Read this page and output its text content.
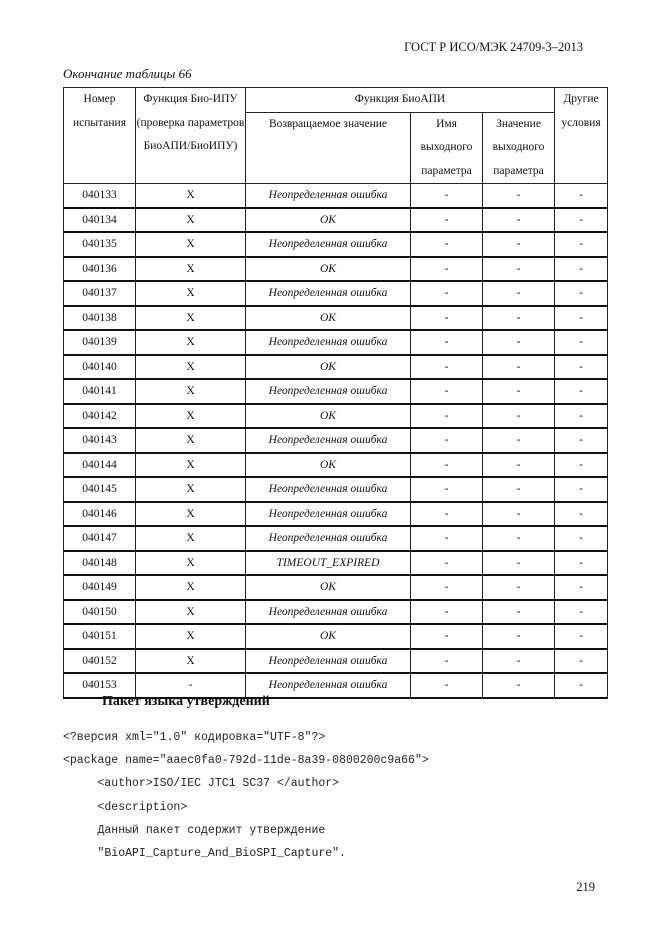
ГОСТ Р ИСО/МЭК 24709-3–2013
Окончание таблицы 66
Номер испытания	Функция Био-ИПУ (проверка параметров БиоАПИ/БиоИПУ)	Функция БиоАПИ			Другие условия
		Возвращаемое значение	Имя выходного параметра	Значение выходного параметра	
040133	X	Неопределенная ошибка	-	-	-
040134	X	OK	-	-	-
040135	X	Неопределенная ошибка	-	-	-
040136	X	OK	-	-	-
040137	X	Неопределенная ошибка	-	-	-
040138	X	OK	-	-	-
040139	X	Неопределенная ошибка	-	-	-
040140	X	OK	-	-	-
040141	X	Неопределенная ошибка	-	-	-
040142	X	OK	-	-	-
040143	X	Неопределенная ошибка	-	-	-
040144	X	OK	-	-	-
040145	X	Неопределенная ошибка	-	-	-
040146	X	Неопределенная ошибка	-	-	-
040147	X	Неопределенная ошибка	-	-	-
040148	X	TIMEOUT_EXPIRED	-	-	-
040149	X	OK	-	-	-
040150	X	Неопределенная ошибка	-	-	-
040151	X	OK	-	-	-
040152	X	Неопределенная ошибка	-	-	-
040153	-	Неопределенная ошибка	-	-	-
Пакет языка утверждений
<?версия xml="1.0" кодировка="UTF-8"?>
<package name="aaec0fa0-792d-11de-8a39-0800200c9a66">
<author>ISO/IEC JTC1 SC37 </author>
<description>
Данный пакет содержит утверждение
"BioAPI_Capture_And_BioSPI_Capture".
219
